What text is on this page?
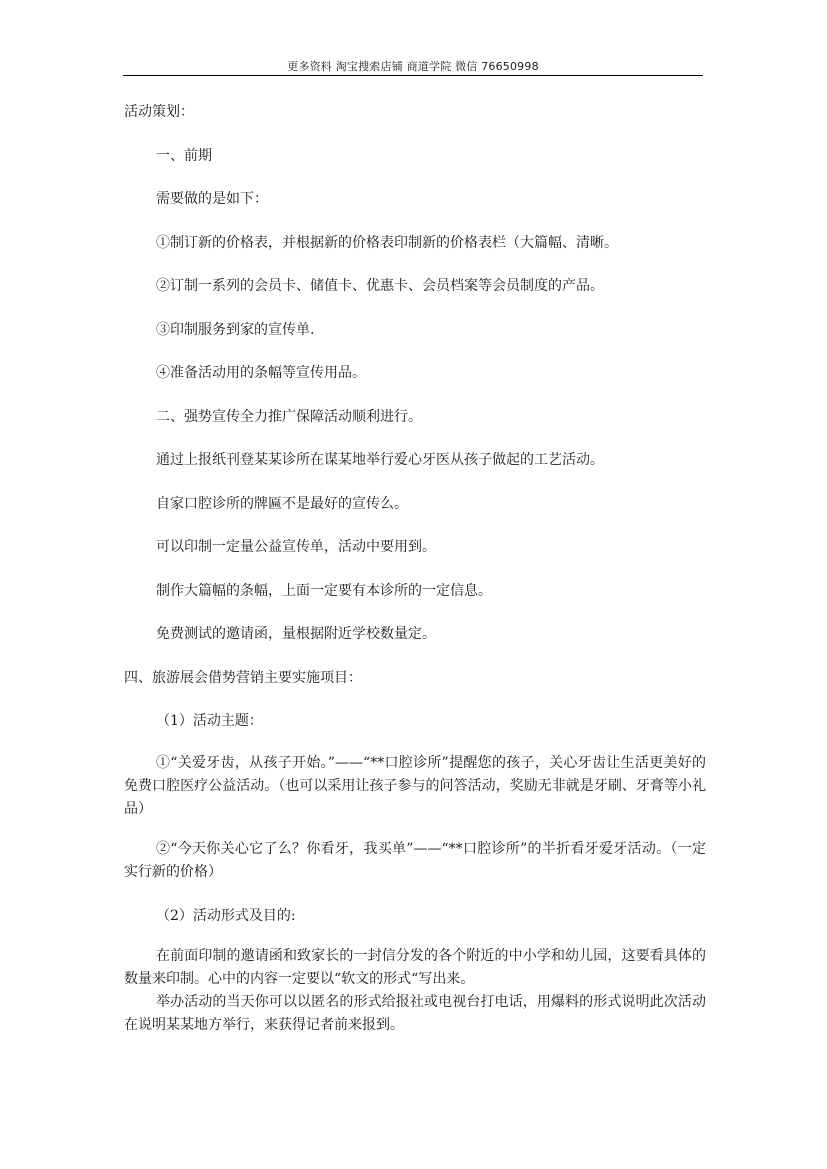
更多资料 淘宝搜索店铺 商道学院 微信 76650998

活动策划：

一、前期

需要做的是如下：

①制订新的价格表，并根据新的价格表印制新的价格表栏（大篇幅、清晰。

②订制一系列的会员卡、储值卡、优惠卡、会员档案等会员制度的产品。

③印制服务到家的宣传单.

④准备活动用的条幅等宣传用品。

二、强势宣传全力推广保障活动顺利进行。

通过上报纸刊登某某诊所在谋某地举行爱心牙医从孩子做起的工艺活动。

自家口腔诊所的牌匾不是最好的宣传么。

可以印制一定量公益宣传单，活动中要用到。

制作大篇幅的条幅，上面一定要有本诊所的一定信息。

免费测试的邀请函，量根据附近学校数量定。

四、旅游展会借势营销主要实施项目：

（1）活动主题：

①“关爱牙齿，从孩子开始。”——“**口腔诊所”提醒您的孩子，关心牙齿让生活更美好的免费口腔医疗公益活动。（也可以采用让孩子参与的问答活动，奖励无非就是牙刷、牙膏等小礼品）

②“今天你关心它了么？你看牙，我买单”——“**口腔诊所”的半折看牙爱牙活动。（一定实行新的价格）

（2）活动形式及目的:

在前面印制的邀请函和致家长的一封信分发的各个附近的中小学和幼儿园，这要看具体的数量来印制。心中的内容一定要以“软文的形式“写出来。

举办活动的当天你可以以匿名的形式给报社或电视台打电话，用爆料的形式说明此次活动在说明某某地方举行，来获得记者前来报到。
